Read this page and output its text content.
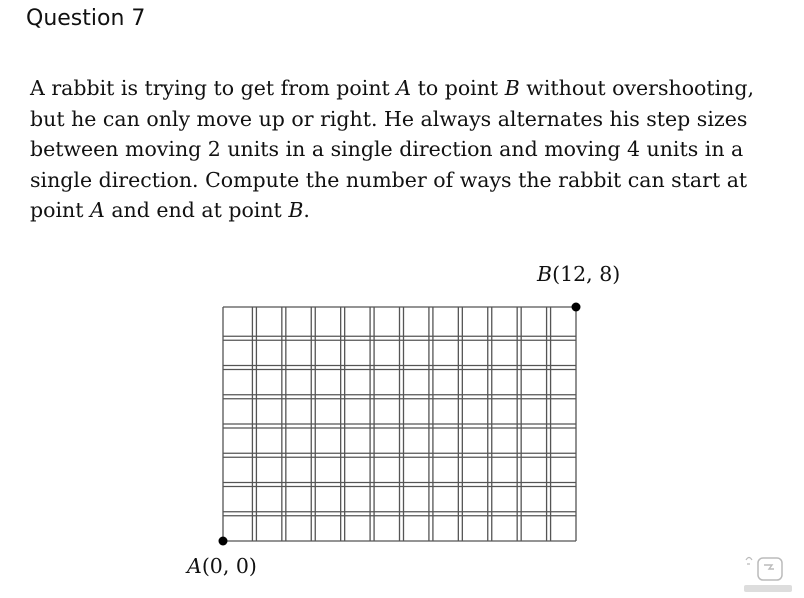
Question 7
A rabbit is trying to get from point A to point B without overshooting, but he can only move up or right. He always alternates his step sizes between moving 2 units in a single direction and moving 4 units in a single direction. Compute the number of ways the rabbit can start at point A and end at point B.
B(12, 8)
A(0, 0)
